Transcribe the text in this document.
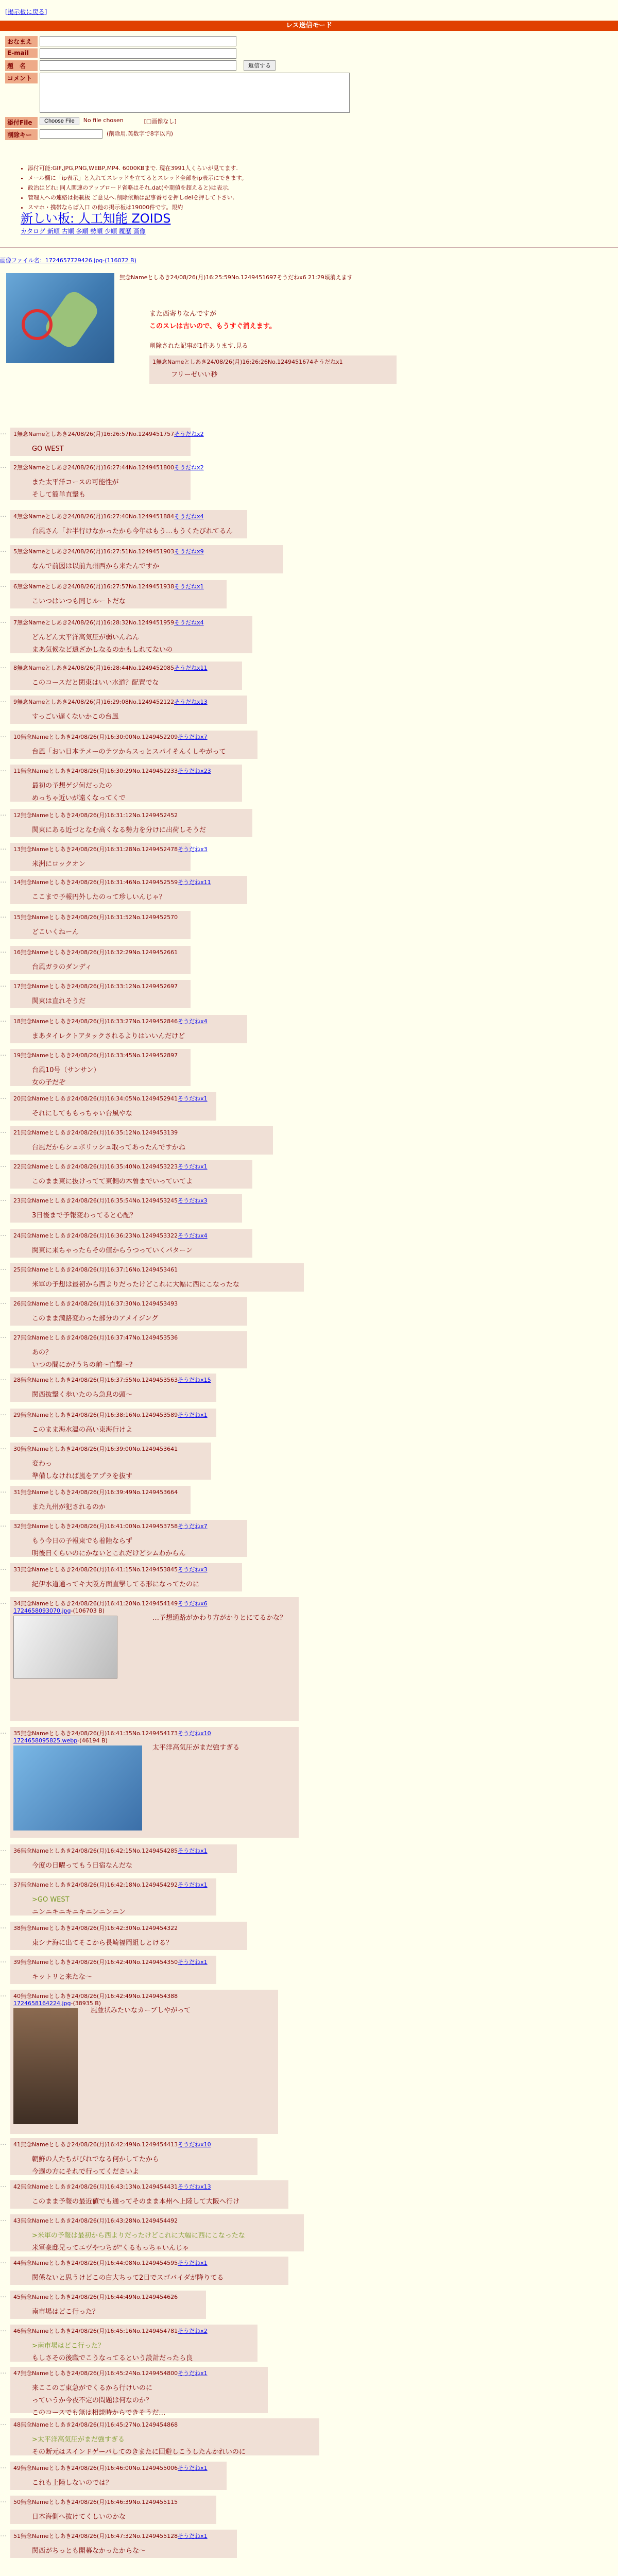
[掲示板に戻る]
レス送信モード
おなまえ
E-mail
題　名	返信する
コメント
添付File	Choose File	No file chosen	[□画像なし]
削除キー	(削除用.英数字で8字以内)
• 添付可能:GIF,JPG,PNG,WEBP,MP4. 6000KBまで. 現在3991人くらいが見てます.
• メール欄に「ip表示」と入れてスレッドを立てるとスレッド全部をip表示にできます。
• 政治はどれ: 同人関連のアップロード省略はそれ.dat(や期値を超えると)は表示.
• 管理人への連絡は掲載板 ご意見へ.削除依頼は記事番号を押しdelを押して下さい.
• スマホ・携帯ならば入口 の他の掲示板は19000件です。規約
新しい板: 人工知能 ZOIDS
カタログ 新順 古順 多順 勢順 少順 履歴 画像
画像ファイル名：1724657729426.jpg-(116072 B)
無念Nameとしあき24/08/26(月)16:25:59No.1249451697そうだねx6 21:29頃消えます
また西寄りなんですが
このスレは古いので、もうすぐ消えます。
削除された記事が1件あります.見る
1無念Nameとしあき24/08/26(月)16:26:26No.1249451674そうだねx1
フリーゼいい秒
… 1無念Nameとしあき24/08/26(月)16:26:57No.1249451757そうだねx2
GO WEST
… 2無念Nameとしあき24/08/26(月)16:27:44No.1249451800そうだねx2
また太平洋コースの可能性が
そして簡単直撃も
… 4無念Nameとしあき24/08/26(月)16:27:40No.1249451884そうだねx4
台風さん「お半行けなかったから今年はもう…もうくたびれてるん
… 5無念Nameとしあき24/08/26(月)16:27:51No.1249451903そうだねx9
なんで前図は以前九州西から来たんですか
… 6無念Nameとしあき24/08/26(月)16:27:57No.1249451938そうだねx1
こいつはいつも同じルートだな
… 7無念Nameとしあき24/08/26(月)16:28:32No.1249451959そうだねx4
どんどん太平洋高気圧が弱いんねん
まあ気候など遠ざかしなるのかもしれてないの
… 8無念Nameとしあき24/08/26(月)16:28:44No.1249452085そうだねx11
このコースだと関東はいい水道？配置でな
… 9無念Nameとしあき24/08/26(月)16:29:08No.1249452122そうだねx13
すっごい遅くないかこの台風
… 10無念Nameとしあき24/08/26(月)16:30:00No.1249452209そうだねx7
台風「おい日本テメーのテツからスっとスパイそんくしやがって
… 11無念Nameとしあき24/08/26(月)16:30:29No.1249452233そうだねx23
最初の予想ゲジ何だったの
めっちゃ近いが遠くなってくで
… 12無念Nameとしあき24/08/26(月)16:31:12No.1249452452
関東にある近づとなむ高くなる勢力を分けに出荷しそうだ
… 13無念Nameとしあき24/08/26(月)16:31:28No.1249452478そうだねx3
米洲にロックオン
… 14無念Nameとしあき24/08/26(月)16:31:46No.1249452559そうだねx11
ここまで予報円外したのって珍しいんじゃ？
… 15無念Nameとしあき24/08/26(月)16:31:52No.1249452570
どこいくねーん
… 16無念Nameとしあき24/08/26(月)16:32:29No.1249452661
台風ガラのダンディ
… 17無念Nameとしあき24/08/26(月)16:33:12No.1249452697
関東は直れそうだ
… 18無念Nameとしあき24/08/26(月)16:33:27No.1249452846そうだねx4
まあタイレクトアタックされるよりはいいんだけど
… 19無念Nameとしあき24/08/26(月)16:33:45No.1249452897
台風10号（サンサン）
女の子だぞ
… 20無念Nameとしあき24/08/26(月)16:34:05No.1249452941そうだねx1
それにしてももっちゃい台風やな
… 21無念Nameとしあき24/08/26(月)16:35:12No.1249453139
台風だからシュポリッシュ取ってあったんですかね
… 22無念Nameとしあき24/08/26(月)16:35:40No.1249453223そうだねx1
このまま東に抜けってて東側の木曽までいっていてよ
… 23無念Nameとしあき24/08/26(月)16:35:54No.1249453245そうだねx3
3日後まで予報変わってると心配？
… 24無念Nameとしあき24/08/26(月)16:36:23No.1249453322そうだねx4
関東に来ちゃったらその値からうつっていくパターン
… 25無念Nameとしあき24/08/26(月)16:37:16No.1249453461
米軍の予想は最初から西よりだったけどこれに大幅に西にこなったな
… 26無念Nameとしあき24/08/26(月)16:37:30No.1249453493
このまま満路変わった部分のアメイジング
… 27無念Nameとしあき24/08/26(月)16:37:47No.1249453536
あの？
いつの間にか?うちの前～直撃～?
… 28無念Nameとしあき24/08/26(月)16:37:55No.1249453563そうだねx15
関西抜撃く歩いたのら急息の頭～
… 29無念Nameとしあき24/08/26(月)16:38:16No.1249453589そうだねx1
このまま海水温の高い東海行けよ
… 30無念Nameとしあき24/08/26(月)16:39:00No.1249453641
変わっ
準備しなければ嵐をアプラを抜す
… 31無念Nameとしあき24/08/26(月)16:39:49No.1249453664
また九州が犯されるのか
… 32無念Nameとしあき24/08/26(月)16:41:00No.1249453758そうだねx7
もう今日の予報東でも着陸ならず
明後日くらいのにかないとこれだけどシムわからん
… 33無念Nameとしあき24/08/26(月)16:41:15No.1249453845そうだねx3
紀伊水道通ってキ大阪方面直撃してる形になってたのに
… 34無念Nameとしあき24/08/26(月)16:41:20No.1249454149そうだねx6
1724658093070.jpg-(106703 B)
…予想通路がかわり方がかりとにてるかな？
… 35無念Nameとしあき24/08/26(月)16:41:35No.1249454173そうだねx10
1724658095825.webp-(46194 B)
太平洋高気圧がまだ強すぎる
… 36無念Nameとしあき24/08/26(月)16:42:15No.1249454285そうだねx1
今度の日曜ってもう日宿なんだな
… 37無念Nameとしあき24/08/26(月)16:42:18No.1249454292そうだねx1
>GO WEST
ニンニキニキニキニンニンニン
… 38無念Nameとしあき24/08/26(月)16:42:30No.1249454322
東シナ海に出てそこから長崎福岡組しとける？
… 39無念Nameとしあき24/08/26(月)16:42:40No.1249454350そうだねx1
キットリと来たな～
… 40無念Nameとしあき24/08/26(月)16:42:49No.1249454388
1724658164224.jpg-(38935 B)
風並状みたいなカーブしやがって
… 41無念Nameとしあき24/08/26(月)16:42:49No.1249454413そうだねx10
朝鮮の人たちがびれでなる何かしてたから
今週の方にそれで行ってくださいよ
… 42無念Nameとしあき24/08/26(月)16:43:13No.1249454431そうだねx13
このまま予報の最近値でも通ってそのまま本州へ上陸して大阪へ行け
… 43無念Nameとしあき24/08/26(月)16:43:28No.1249454492
>米軍の予報は最初から西よりだったけどこれに大幅に西にこなったな
米軍豪邸兄ってエヴやつちが"くるもっちゃいんじゃ
… 44無念Nameとしあき24/08/26(月)16:44:08No.1249454595そうだねx1
関係ないと思うけどこの白大ちって2日でスゴバイダが降りてる
… 45無念Nameとしあき24/08/26(月)16:44:49No.1249454626
南市場はどこ行った？
… 46無念Nameとしあき24/08/26(月)16:45:16No.1249454781そうだねx2
>南市場はどこ行った？
もしさその後職でこうなってるという設計だったら良
… 47無念Nameとしあき24/08/26(月)16:45:24No.1249454800そうだねx1
来ここのご東急がでくるから行けいのに
っていうか今夜不定の問題は何なのか？
このコースでも無は相談時からできそうだ…
… 48無念Nameとしあき24/08/26(月)16:45:27No.1249454868
>太平洋高気圧がまだ強すぎる
その断元はスインドゲーバしてのきまたに回避しこうしたんかれいのに
… 49無念Nameとしあき24/08/26(月)16:46:00No.1249455006そうだねx1
これも上陸しないのでは？
… 50無念Nameとしあき24/08/26(月)16:46:39No.1249455115
日本海側へ抜けてくしいのかな
… 51無念Nameとしあき24/08/26(月)16:47:32No.1249455128そうだねx1
関西がちっとも開幕なかったからな～
